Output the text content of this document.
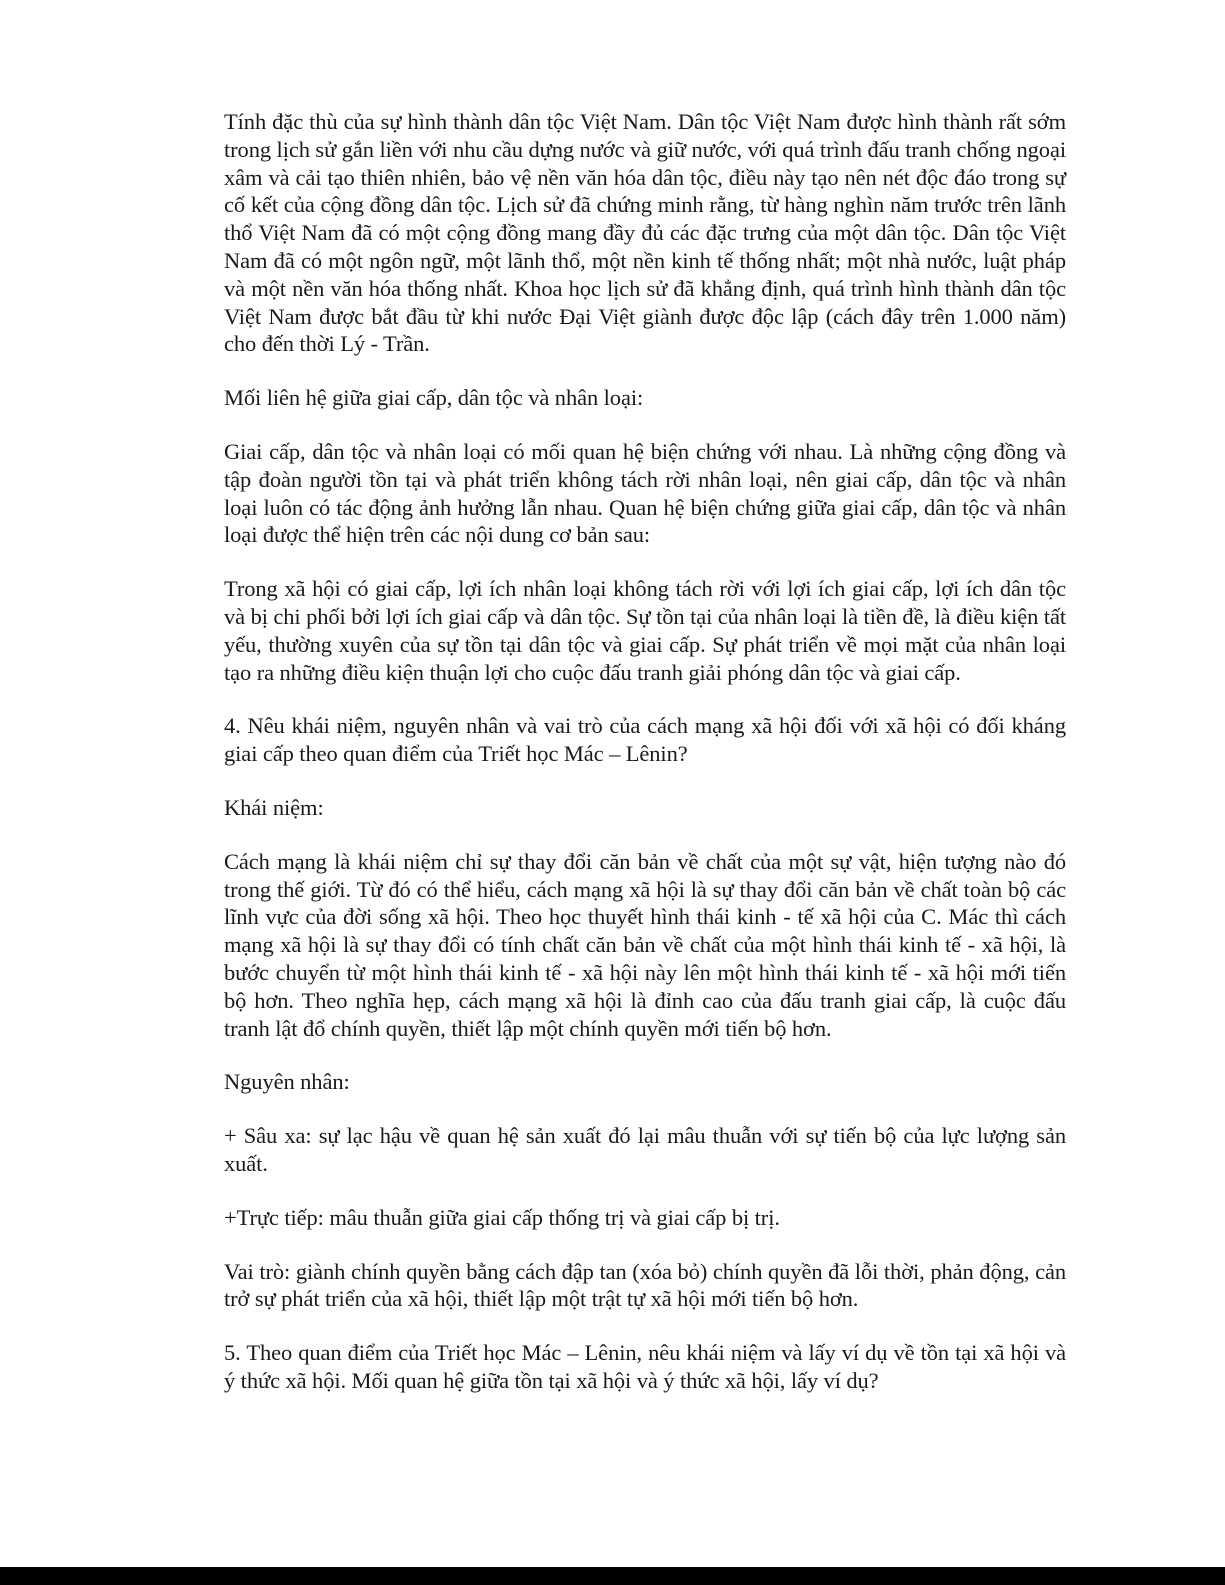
Tính đặc thù của sự hình thành dân tộc Việt Nam. Dân tộc Việt Nam được hình thành rất sớm trong lịch sử gắn liền với nhu cầu dựng nước và giữ nước, với quá trình đấu tranh chống ngoại xâm và cải tạo thiên nhiên, bảo vệ nền văn hóa dân tộc, điều này tạo nên nét độc đáo trong sự cố kết của cộng đồng dân tộc. Lịch sử đã chứng minh rằng, từ hàng nghìn năm trước trên lãnh thổ Việt Nam đã có một cộng đồng mang đầy đủ các đặc trưng của một dân tộc. Dân tộc Việt Nam đã có một ngôn ngữ, một lãnh thổ, một nền kinh tế thống nhất; một nhà nước, luật pháp và một nền văn hóa thống nhất. Khoa học lịch sử đã khẳng định, quá trình hình thành dân tộc Việt Nam được bắt đầu từ khi nước Đại Việt giành được độc lập (cách đây trên 1.000 năm) cho đến thời Lý - Trần.

Mối liên hệ giữa giai cấp, dân tộc và nhân loại:

Giai cấp, dân tộc và nhân loại có mối quan hệ biện chứng với nhau. Là những cộng đồng và tập đoàn người tồn tại và phát triển không tách rời nhân loại, nên giai cấp, dân tộc và nhân loại luôn có tác động ảnh hưởng lẫn nhau. Quan hệ biện chứng giữa giai cấp, dân tộc và nhân loại được thể hiện trên các nội dung cơ bản sau:

Trong xã hội có giai cấp, lợi ích nhân loại không tách rời với lợi ích giai cấp, lợi ích dân tộc và bị chi phối bởi lợi ích giai cấp và dân tộc. Sự tồn tại của nhân loại là tiền đề, là điều kiện tất yếu, thường xuyên của sự tồn tại dân tộc và giai cấp. Sự phát triển về mọi mặt của nhân loại tạo ra những điều kiện thuận lợi cho cuộc đấu tranh giải phóng dân tộc và giai cấp.

4. Nêu khái niệm, nguyên nhân và vai trò của cách mạng xã hội đối với xã hội có đối kháng giai cấp theo quan điểm của Triết học Mác – Lênin?

Khái niệm:

Cách mạng là khái niệm chỉ sự thay đổi căn bản về chất của một sự vật, hiện tượng nào đó trong thế giới. Từ đó có thể hiểu, cách mạng xã hội là sự thay đổi căn bản về chất toàn bộ các lĩnh vực của đời sống xã hội. Theo học thuyết hình thái kinh - tế xã hội của C. Mác thì cách mạng xã hội là sự thay đổi có tính chất căn bản về chất của một hình thái kinh tế - xã hội, là bước chuyển từ một hình thái kinh tế - xã hội này lên một hình thái kinh tế - xã hội mới tiến bộ hơn. Theo nghĩa hẹp, cách mạng xã hội là đỉnh cao của đấu tranh giai cấp, là cuộc đấu tranh lật đổ chính quyền, thiết lập một chính quyền mới tiến bộ hơn.

Nguyên nhân:

+ Sâu xa: sự lạc hậu về quan hệ sản xuất đó lại mâu thuẫn với sự tiến bộ của lực lượng sản xuất.

+Trực tiếp: mâu thuẫn giữa giai cấp thống trị và giai cấp bị trị.

Vai trò: giành chính quyền bằng cách đập tan (xóa bỏ) chính quyền đã lỗi thời, phản động, cản trở sự phát triển của xã hội, thiết lập một trật tự xã hội mới tiến bộ hơn.

5. Theo quan điểm của Triết học Mác – Lênin, nêu khái niệm và lấy ví dụ về tồn tại xã hội và ý thức xã hội. Mối quan hệ giữa tồn tại xã hội và ý thức xã hội, lấy ví dụ?
